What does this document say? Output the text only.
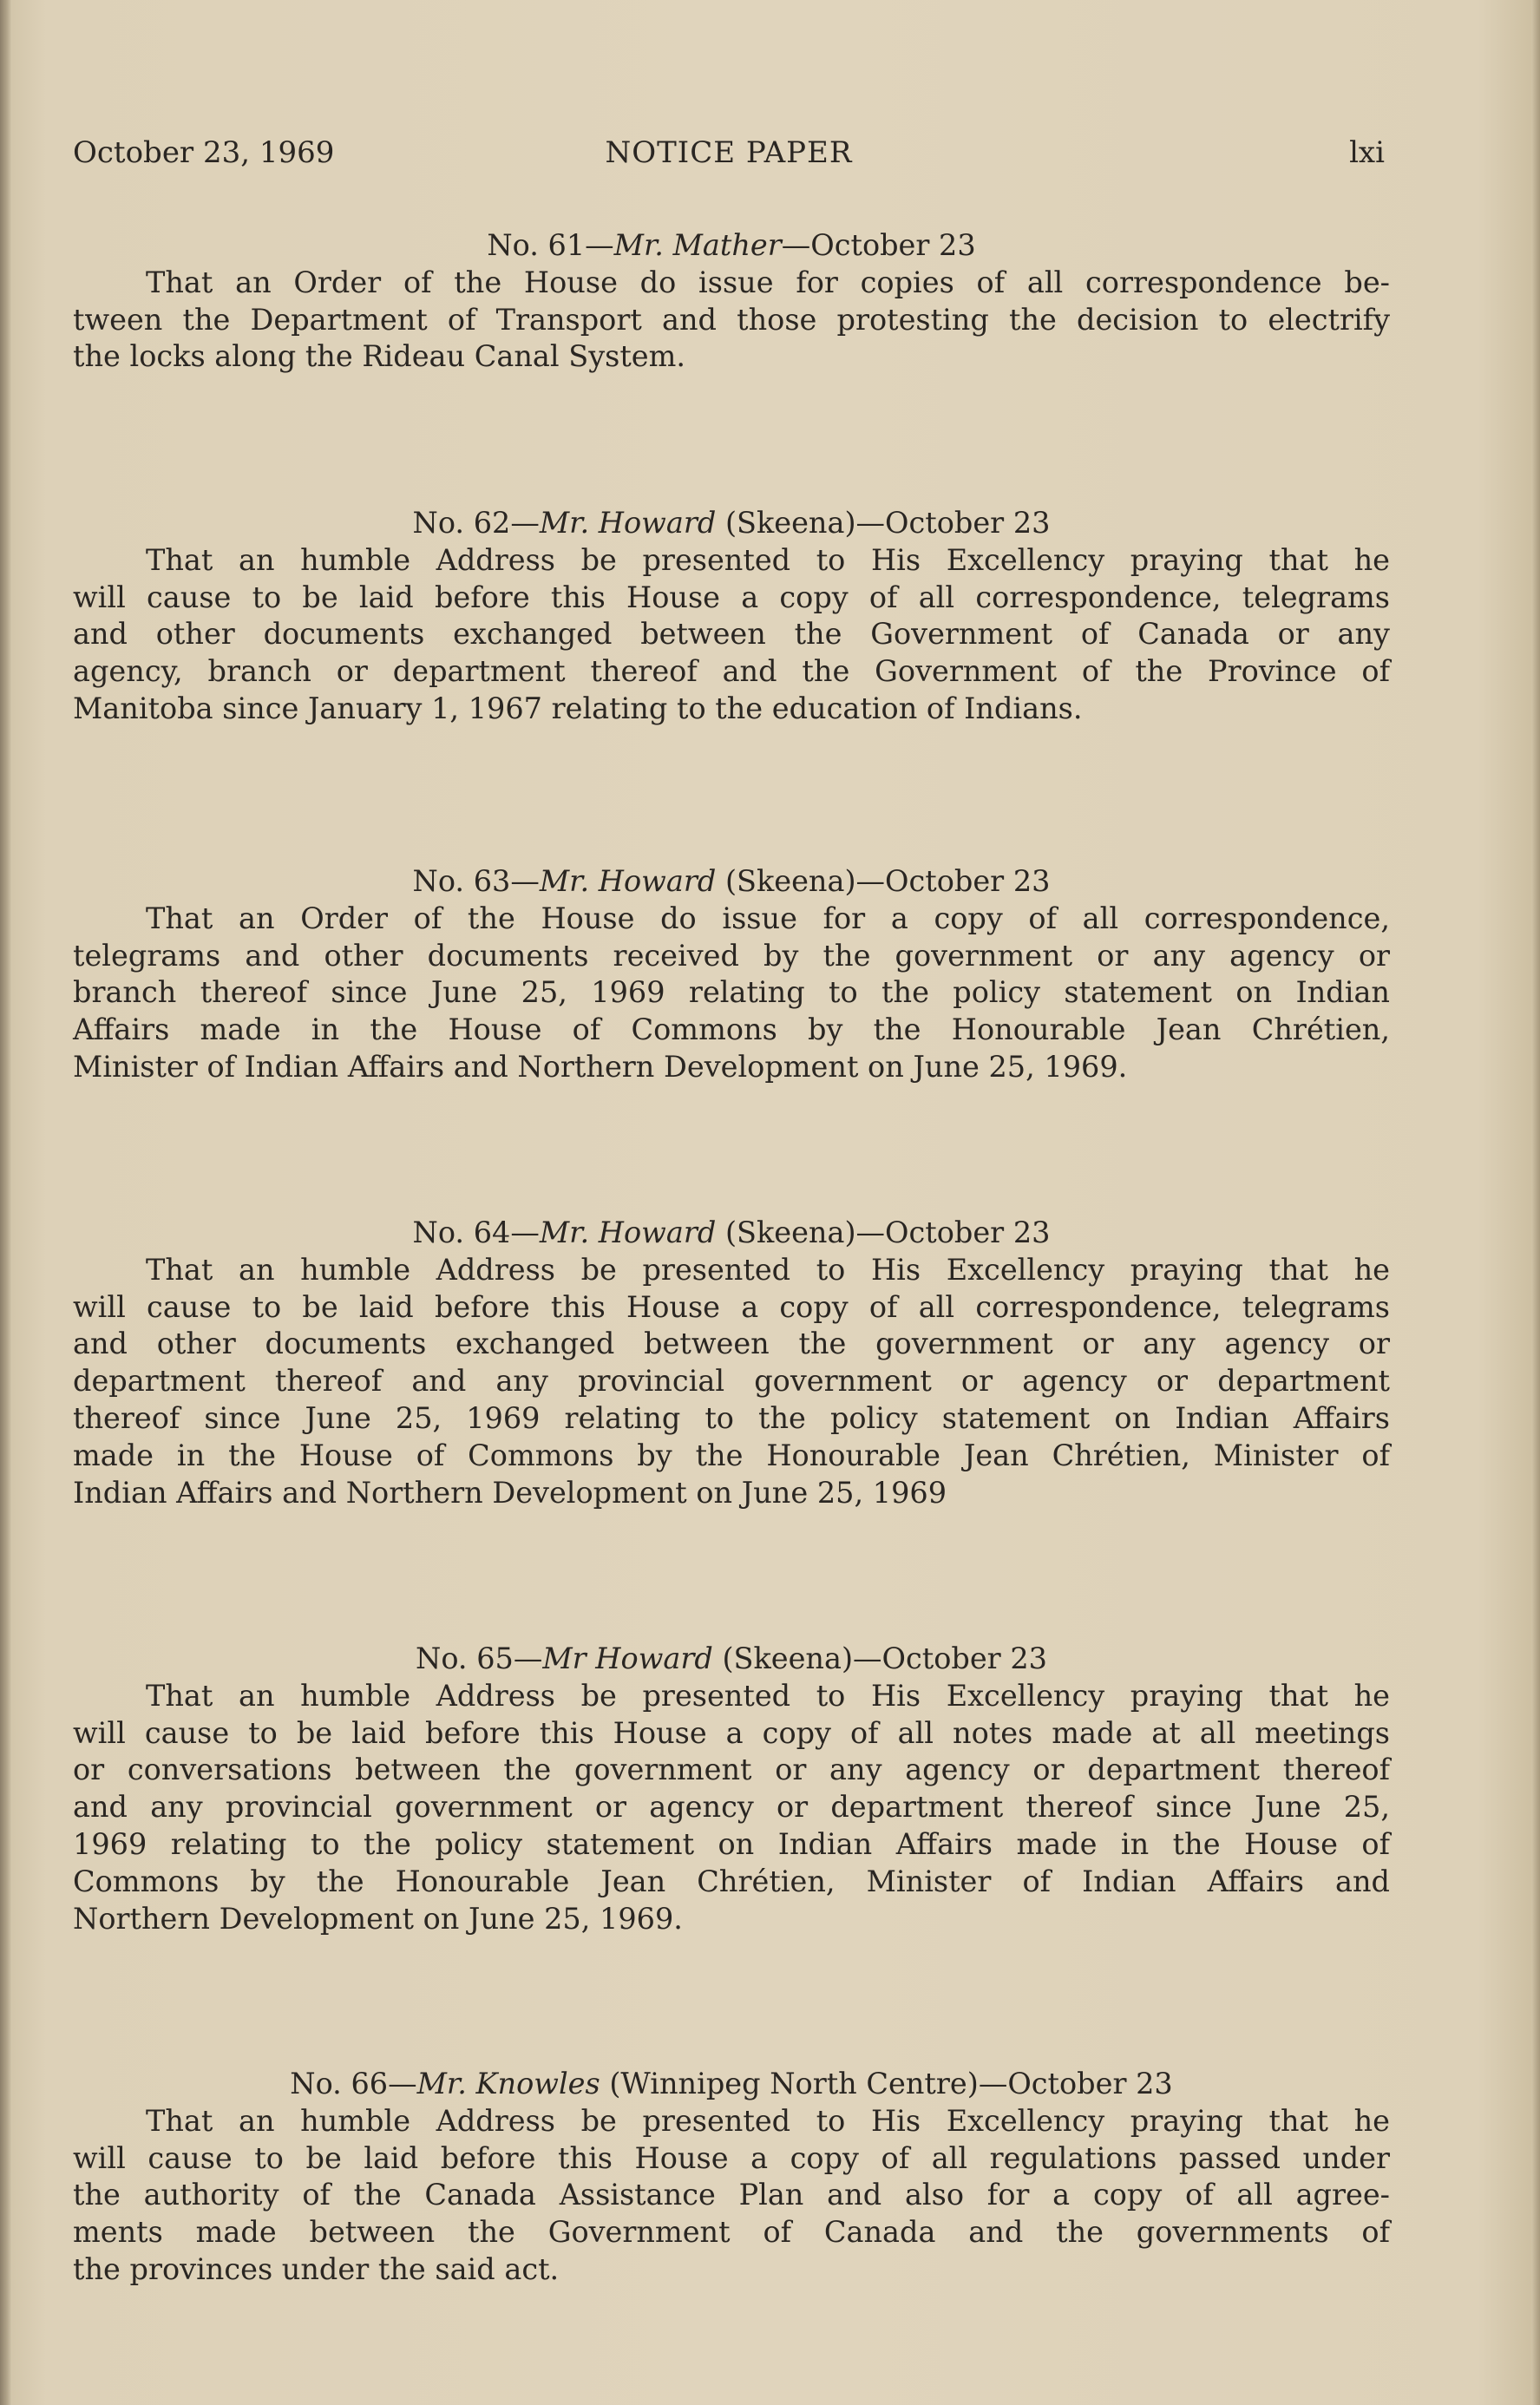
October 23, 1969	NOTICE PAPER	lxi
No. 61—Mr. Mather—October 23
That an Order of the House do issue for copies of all correspondence be-
tween the Department of Transport and those protesting the decision to electrify
the locks along the Rideau Canal System.
No. 62—Mr. Howard (Skeena)—October 23
That an humble Address be presented to His Excellency praying that he
will cause to be laid before this House a copy of all correspondence, telegrams
and other documents exchanged between the Government of Canada or any
agency, branch or department thereof and the Government of the Province of
Manitoba since January 1, 1967 relating to the education of Indians.
No. 63—Mr. Howard (Skeena)—October 23
That an Order of the House do issue for a copy of all correspondence,
telegrams and other documents received by the government or any agency or
branch thereof since June 25, 1969 relating to the policy statement on Indian
Affairs made in the House of Commons by the Honourable Jean Chrétien,
Minister of Indian Affairs and Northern Development on June 25, 1969.
No. 64—Mr. Howard (Skeena)—October 23
That an humble Address be presented to His Excellency praying that he
will cause to be laid before this House a copy of all correspondence, telegrams
and other documents exchanged between the government or any agency or
department thereof and any provincial government or agency or department
thereof since June 25, 1969 relating to the policy statement on Indian Affairs
made in the House of Commons by the Honourable Jean Chrétien, Minister of
Indian Affairs and Northern Development on June 25, 1969
No. 65—Mr Howard (Skeena)—October 23
That an humble Address be presented to His Excellency praying that he
will cause to be laid before this House a copy of all notes made at all meetings
or conversations between the government or any agency or department thereof
and any provincial government or agency or department thereof since June 25,
1969 relating to the policy statement on Indian Affairs made in the House of
Commons by the Honourable Jean Chrétien, Minister of Indian Affairs and
Northern Development on June 25, 1969.
No. 66—Mr. Knowles (Winnipeg North Centre)—October 23
That an humble Address be presented to His Excellency praying that he
will cause to be laid before this House a copy of all regulations passed under
the authority of the Canada Assistance Plan and also for a copy of all agree-
ments made between the Government of Canada and the governments of
the provinces under the said act.
